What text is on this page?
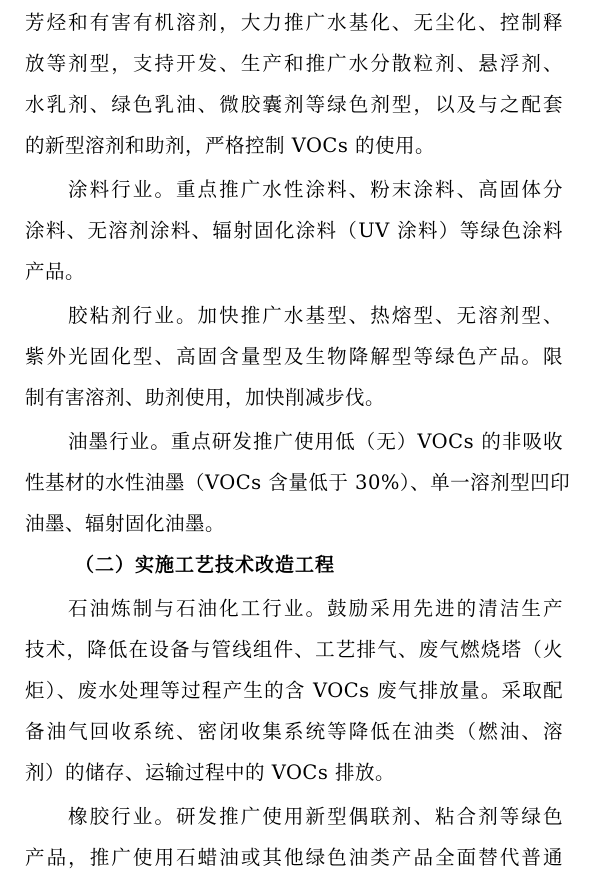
芳烃和有害有机溶剂，大力推广水基化、无尘化、控制释
放等剂型，支持开发、生产和推广水分散粒剂、悬浮剂、
水乳剂、绿色乳油、微胶囊剂等绿色剂型，以及与之配套
的新型溶剂和助剂，严格控制 VOCs 的使用。
涂料行业。重点推广水性涂料、粉末涂料、高固体分
涂料、无溶剂涂料、辐射固化涂料（UV 涂料）等绿色涂料
产品。
胶粘剂行业。加快推广水基型、热熔型、无溶剂型、
紫外光固化型、高固含量型及生物降解型等绿色产品。限
制有害溶剂、助剂使用，加快削减步伐。
油墨行业。重点研发推广使用低（无）VOCs 的非吸收
性基材的水性油墨（VOCs 含量低于 30%）、单一溶剂型凹印
油墨、辐射固化油墨。
（二）实施工艺技术改造工程
石油炼制与石油化工行业。鼓励采用先进的清洁生产
技术，降低在设备与管线组件、工艺排气、废气燃烧塔（火
炬）、废水处理等过程产生的含 VOCs 废气排放量。采取配
备油气回收系统、密闭收集系统等降低在油类（燃油、溶
剂）的储存、运输过程中的 VOCs 排放。
橡胶行业。研发推广使用新型偶联剂、粘合剂等绿色
产品，推广使用石蜡油或其他绿色油类产品全面替代普通
